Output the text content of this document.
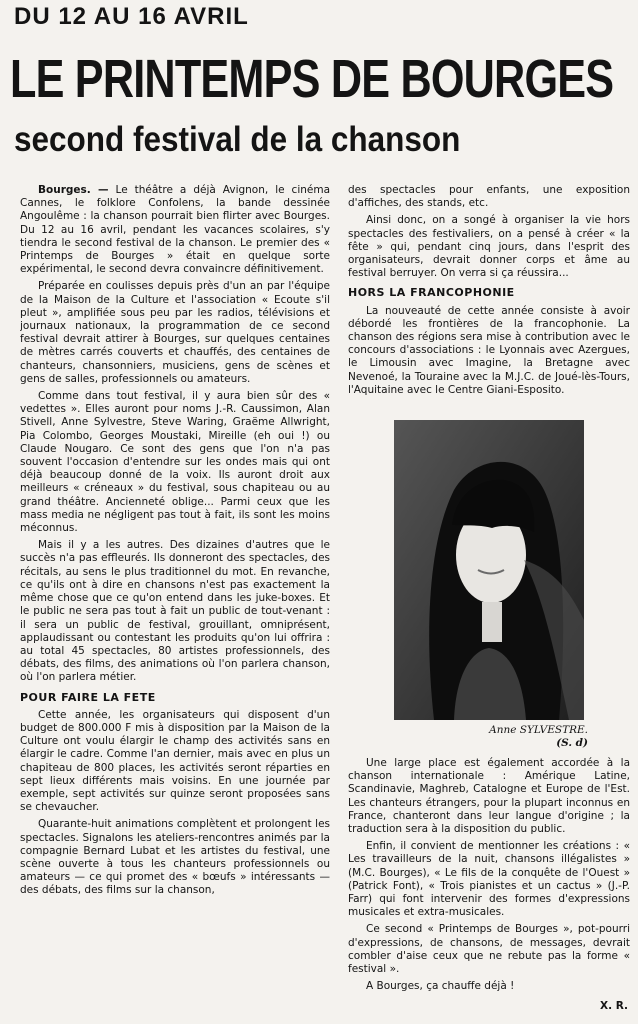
DU 12 AU 16 AVRIL
LE PRINTEMPS DE BOURGES
second festival de la chanson

Bourges. — Le théâtre a déjà Avignon, le cinéma Cannes, le folklore Confolens, la bande dessinée Angoulême : la chanson pourrait bien flirter avec Bourges. Du 12 au 16 avril, pendant les vacances scolaires, s'y tiendra le second festival de la chanson. Le premier des « Printemps de Bourges » était en quelque sorte expérimental, le second devra convaincre définitivement.

Préparée en coulisses depuis près d'un an par l'équipe de la Maison de la Culture et l'association « Ecoute s'il pleut », amplifiée sous peu par les radios, télévisions et journaux nationaux, la programmation de ce second festival devrait attirer à Bourges, sur quelques centaines de mètres carrés couverts et chauffés, des centaines de chanteurs, chansonniers, musiciens, gens de scènes et gens de salles, professionnels ou amateurs.

Comme dans tout festival, il y aura bien sûr des « vedettes ». Elles auront pour noms J.-R. Caussimon, Alan Stivell, Anne Sylvestre, Steve Waring, Graëme Allwright, Pia Colombo, Georges Moustaki, Mireille (eh oui !) ou Claude Nougaro. Ce sont des gens que l'on n'a pas souvent l'occasion d'entendre sur les ondes mais qui ont déjà beaucoup donné de la voix. Ils auront droit aux meilleurs « créneaux » du festival, sous chapiteau ou au grand théâtre. Ancienneté oblige... Parmi ceux que les mass media ne négligent pas tout à fait, ils sont les moins méconnus.

Mais il y a les autres. Des dizaines d'autres que le succès n'a pas effleurés. Ils donneront des spectacles, des récitals, au sens le plus traditionnel du mot. En revanche, ce qu'ils ont à dire en chansons n'est pas exactement la même chose que ce qu'on entend dans les juke-boxes. Et le public ne sera pas tout à fait un public de tout-venant : il sera un public de festival, grouillant, omniprésent, applaudissant ou contestant les produits qu'on lui offrira : au total 45 spectacles, 80 artistes professionnels, des débats, des films, des animations où l'on parlera chanson, où l'on parlera métier.

POUR FAIRE LA FETE

Cette année, les organisateurs qui disposent d'un budget de 800.000 F mis à disposition par la Maison de la Culture ont voulu élargir le champ des activités sans en élargir le cadre. Comme l'an dernier, mais avec en plus un chapiteau de 800 places, les activités seront réparties en sept lieux différents mais voisins. En une journée par exemple, sept activités sur quinze seront proposées sans se chevaucher.

Quarante-huit animations complètent et prolongent les spectacles. Signalons les ateliers-rencontres animés par la compagnie Bernard Lubat et les artistes du festival, une scène ouverte à tous les chanteurs professionnels ou amateurs — ce qui promet des « bœufs » intéressants — des débats, des films sur la chanson,

des spectacles pour enfants, une exposition d'affiches, des stands, etc.

Ainsi donc, on a songé à organiser la vie hors spectacles des festivaliers, on a pensé à créer « la fête » qui, pendant cinq jours, dans l'esprit des organisateurs, devrait donner corps et âme au festival berruyer. On verra si ça réussira...

HORS LA FRANCOPHONIE

La nouveauté de cette année consiste à avoir débordé les frontières de la francophonie. La chanson des régions sera mise à contribution avec le concours d'associations : le Lyonnais avec Azergues, le Limousin avec Imagine, la Bretagne avec Nevenoé, la Touraine avec la M.J.C. de Joué-lès-Tours, l'Aquitaine avec le Centre Giani-Esposito.

Anne SYLVESTRE.
(S. d)

Une large place est également accordée à la chanson internationale : Amérique Latine, Scandinavie, Maghreb, Catalogne et Europe de l'Est. Les chanteurs étrangers, pour la plupart inconnus en France, chanteront dans leur langue d'origine ; la traduction sera à la disposition du public.

Enfin, il convient de mentionner les créations : « Les travailleurs de la nuit, chansons illégalistes » (M.C. Bourges), « Le fils de la conquête de l'Ouest » (Patrick Font), « Trois pianistes et un cactus » (J.-P. Farr) qui font intervenir des formes d'expressions musicales et extra-musicales.

Ce second « Printemps de Bourges », pot-pourri d'expressions, de chansons, de messages, devrait combler d'aise ceux que ne rebute pas la forme « festival ».

A Bourges, ça chauffe déjà !

X. R.
